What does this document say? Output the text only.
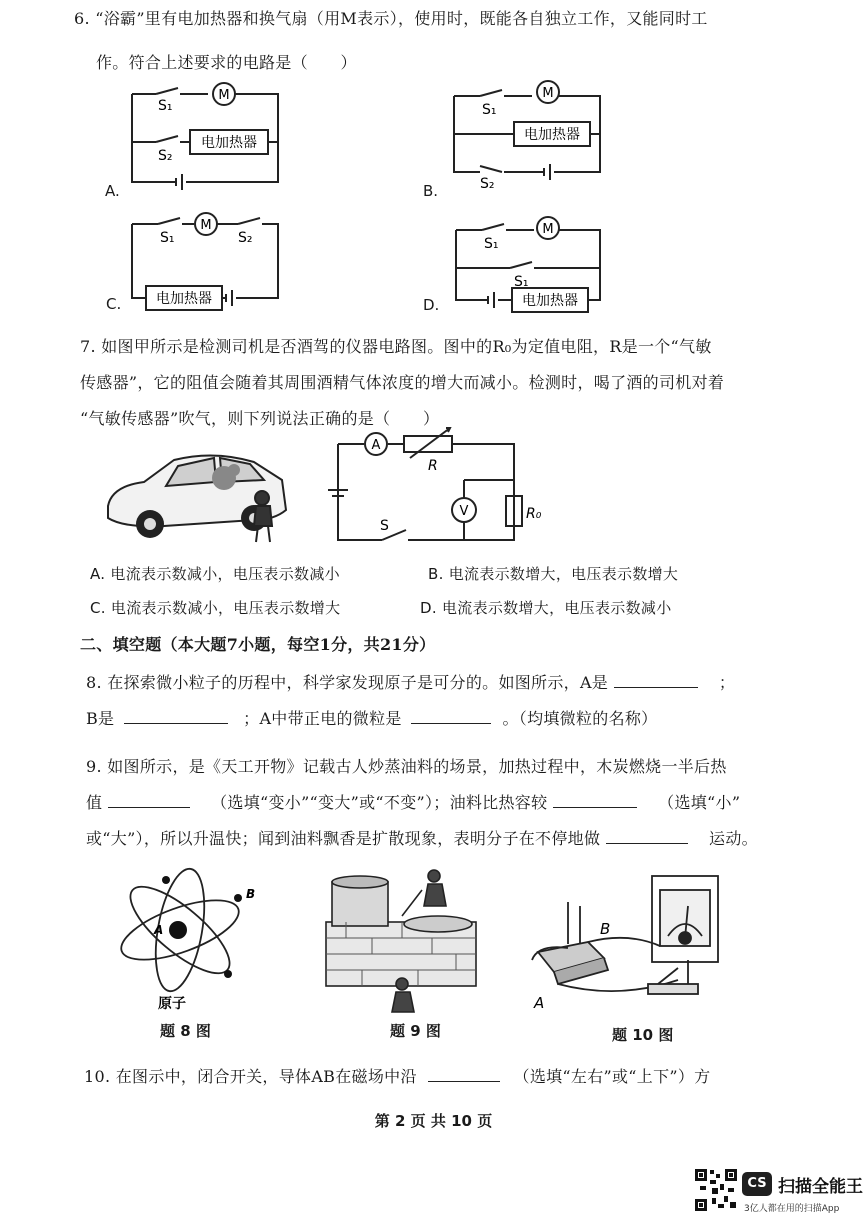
6. “浴霸”里有电加热器和换气扇（用M表示），使用时，既能各自独立工作，又能同时工
作。符合上述要求的电路是（　　）
M
电加热器
S₁
S₂
A.
M
电加热器
S₁
S₂
B.
M
电加热器
S₁	S₂
C.
M
电加热器
S₁
S₁
D.
7. 如图甲所示是检测司机是否酒驾的仪器电路图。图中的R₀为定值电阻，R是一个“气敏
传感器”，它的阻值会随着其周围酒精气体浓度的增大而减小。检测时，喝了酒的司机对着
“气敏传感器”吹气，则下列说法正确的是（　　）
A
R
V	R₀
S
A. 电流表示数减小，电压表示数减小	B. 电流表示数增大，电压表示数增大
C. 电流表示数减小，电压表示数增大	D. 电流表示数增大，电压表示数减小
二、填空题（本大题7小题，每空1分，共21分）
8. 在探索微小粒子的历程中，科学家发现原子是可分的。如图所示，A是	；
B是	；A中带正电的微粒是	。（均填微粒的名称）
9. 如图所示，是《天工开物》记载古人炒蒸油料的场景，加热过程中，木炭燃烧一半后热
值	（选填“变小”“变大”或“不变”）；油料比热容较	（选填“小”
或“大”），所以升温快；闻到油料飘香是扩散现象，表明分子在不停地做	运动。
A
B
原子
题 8 图	题 9 图
B
A
题 10 图
10. 在图示中，闭合开关，导体AB在磁场中沿	（选填“左右”或“上下”）方
第 2 页 共 10 页
CS 扫描全能王
3亿人都在用的扫描App
